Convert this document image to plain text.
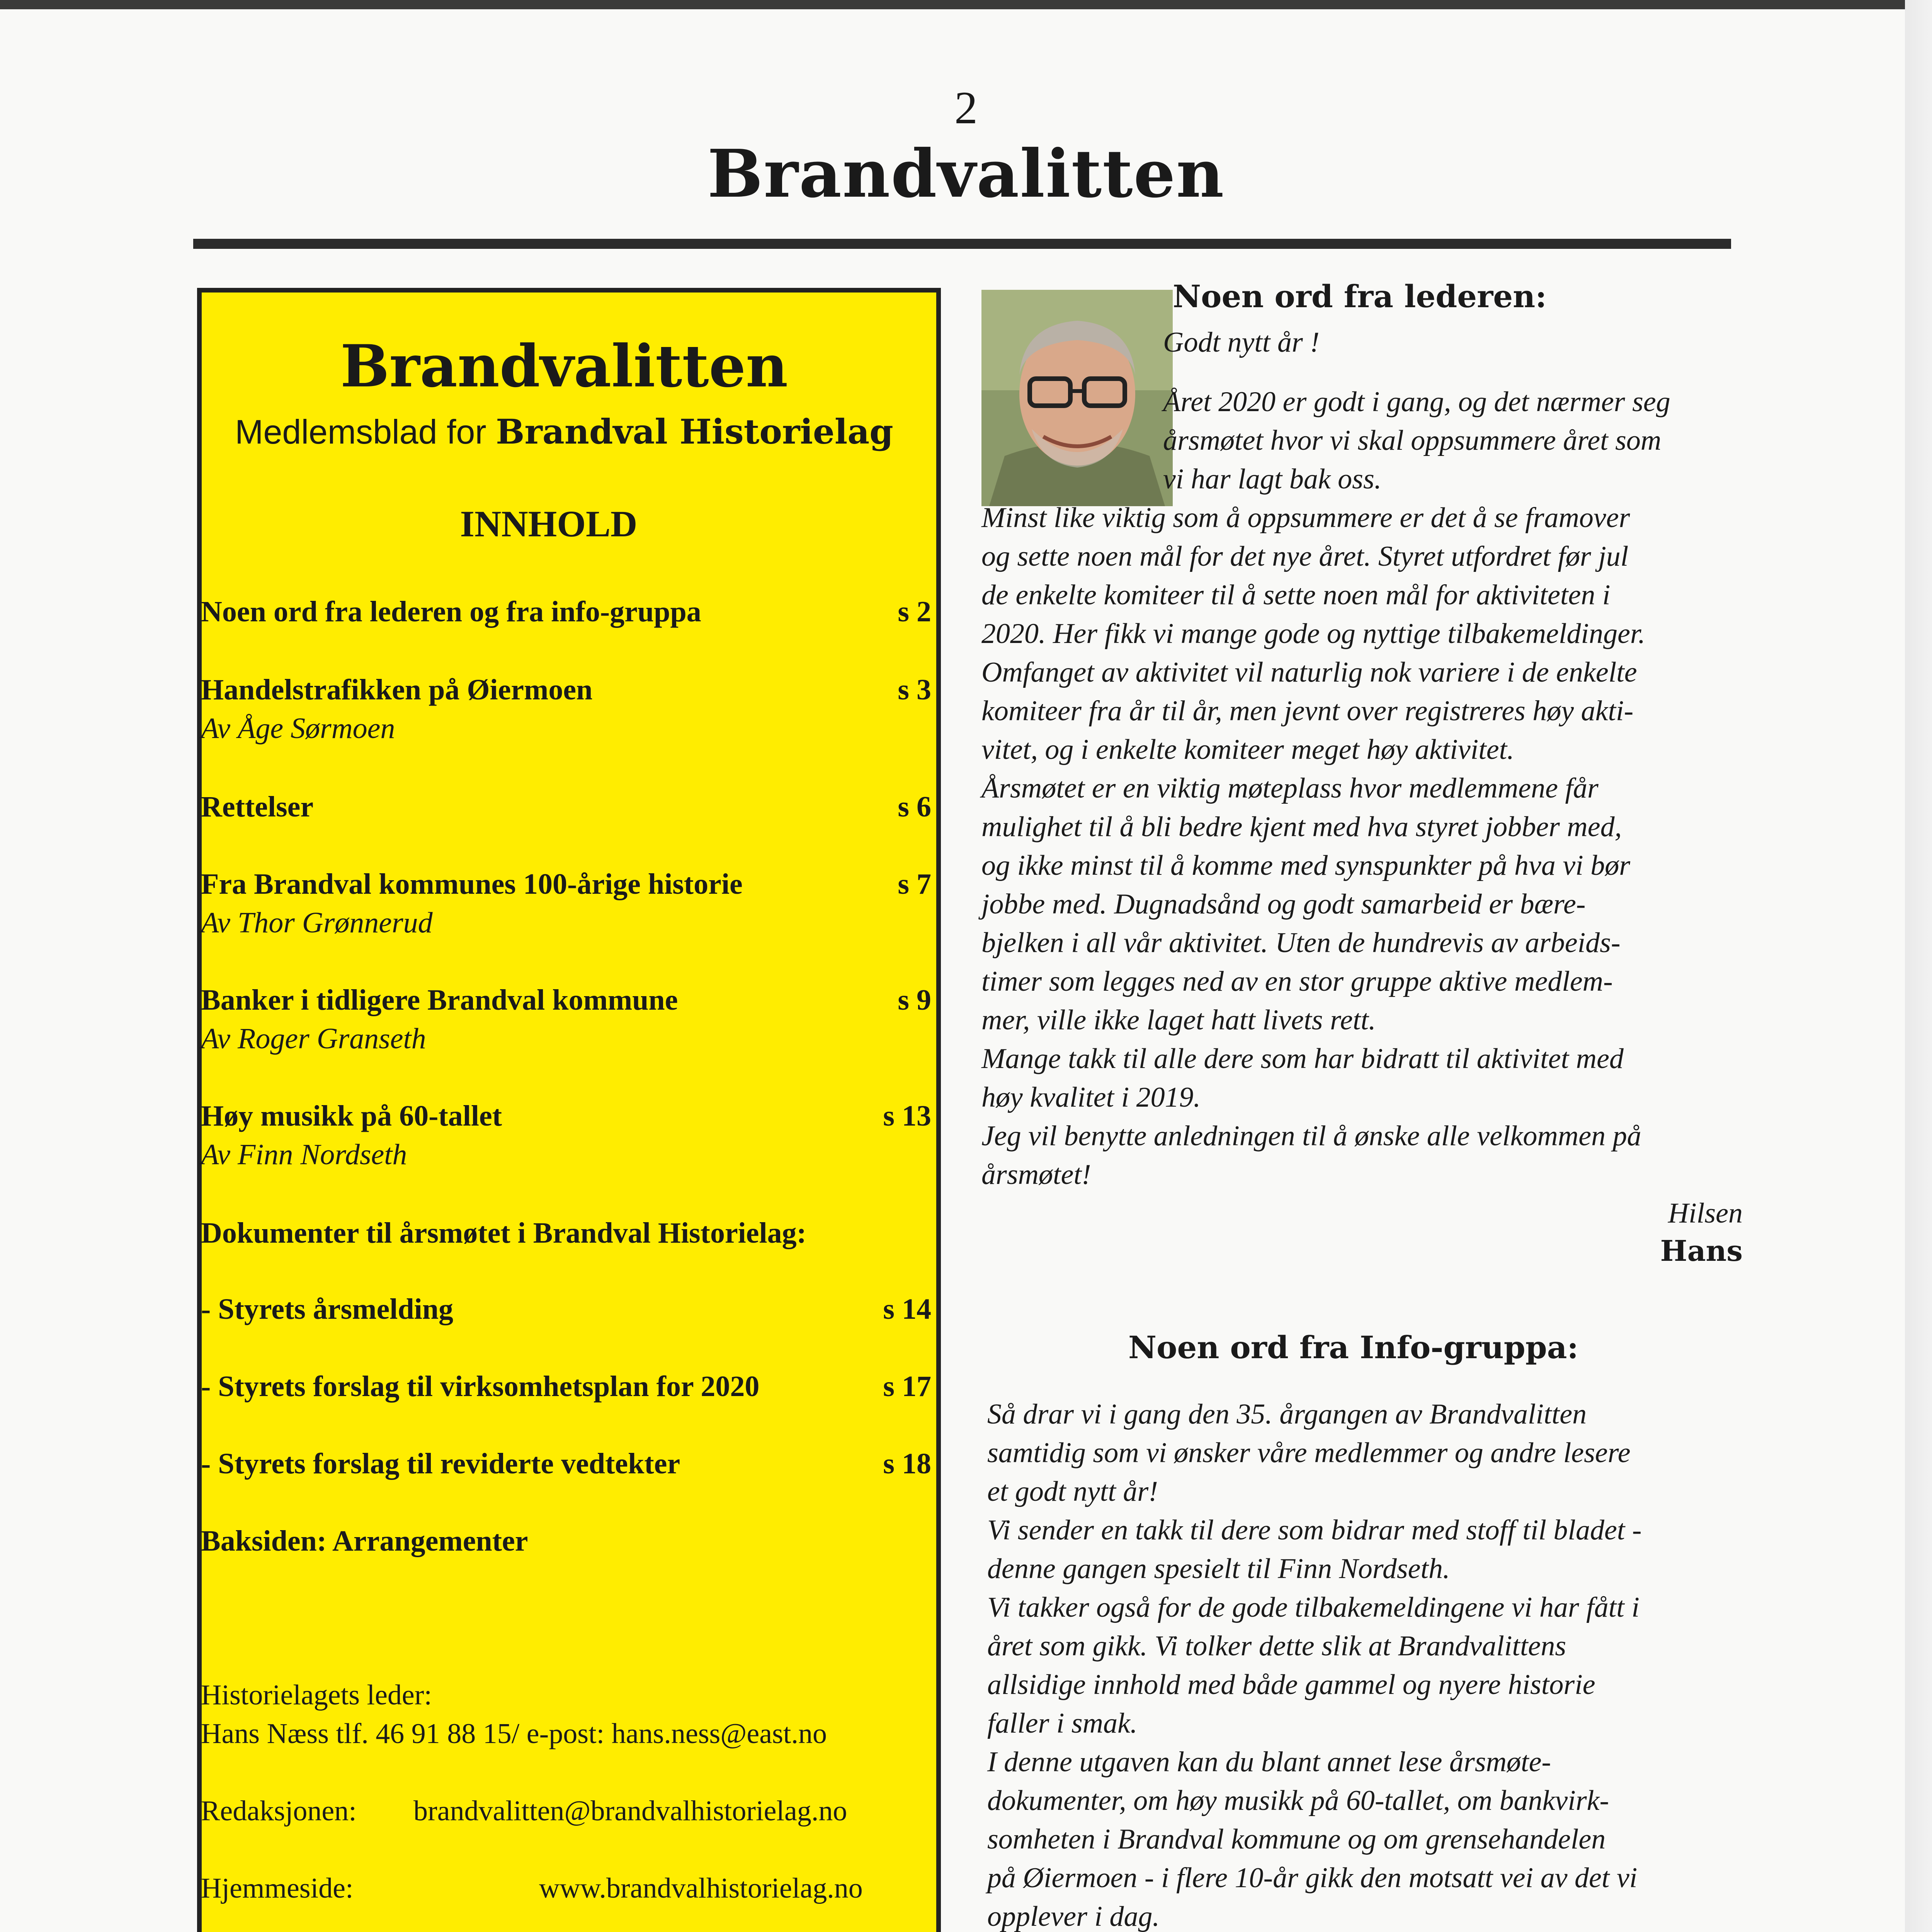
2
Brandvalitten
Brandvalitten
Medlemsblad for Brandval Historielag
INNHOLD
Noen ord fra lederen og fra info-gruppa	s 2
Handelstrafikken på Øiermoen	s 3
Av Åge Sørmoen
Rettelser	s 6
Fra Brandval kommunes 100-årige historie	s 7
Av Thor Grønnerud
Banker i tidligere Brandval kommune	s 9
Av Roger Granseth
Høy musikk på 60-tallet	s 13
Av Finn Nordseth
Dokumenter til årsmøtet i Brandval Historielag:
- Styrets årsmelding	s 14
- Styrets forslag til virksomhetsplan for 2020	s 17
- Styrets forslag til reviderte vedtekter	s 18
Baksiden: Arrangementer
Historielagets leder:
Hans Næss tlf. 46 91 88 15/ e-post: hans.ness@east.no
Redaksjonen: brandvalitten@brandvalhistorielag.no
Hjemmeside:	www.brandvalhistorielag.no
Noen ord fra lederen:
Godt nytt år !
Året 2020 er godt i gang, og det nærmer seg
årsmøtet hvor vi skal oppsummere året som
vi har lagt bak oss.
Minst like viktig som å oppsummere er det å se framover
og sette noen mål for det nye året. Styret utfordret før jul
de enkelte komiteer til å sette noen mål for aktiviteten i
2020. Her fikk vi mange gode og nyttige tilbakemeldinger.
Omfanget av aktivitet vil naturlig nok variere i de enkelte
komiteer fra år til år, men jevnt over registreres høy akti-
vitet, og i enkelte komiteer meget høy aktivitet.
Årsmøtet er en viktig møteplass hvor medlemmene får
mulighet til å bli bedre kjent med hva styret jobber med,
og ikke minst til å komme med synspunkter på hva vi bør
jobbe med. Dugnadsånd og godt samarbeid er bære-
bjelken i all vår aktivitet. Uten de hundrevis av arbeids-
timer som legges ned av en stor gruppe aktive medlem-
mer, ville ikke laget hatt livets rett.
Mange takk til alle dere som har bidratt til aktivitet med
høy kvalitet i 2019.
Jeg vil benytte anledningen til å ønske alle velkommen på
årsmøtet!
Hilsen
Hans
Noen ord fra Info-gruppa:
Så drar vi i gang den 35. årgangen av Brandvalitten
samtidig som vi ønsker våre medlemmer og andre lesere
et godt nytt år!
Vi sender en takk til dere som bidrar med stoff til bladet -
denne gangen spesielt til Finn Nordseth.
Vi takker også for de gode tilbakemeldingene vi har fått i
året som gikk. Vi tolker dette slik at Brandvalittens
allsidige innhold med både gammel og nyere historie
faller i smak.
I denne utgaven kan du blant annet lese årsmøte-
dokumenter, om høy musikk på 60-tallet, om bankvirk-
somheten i Brandval kommune og om grensehandelen
på Øiermoen - i flere 10-år gikk den motsatt vei av det vi
opplever i dag.
